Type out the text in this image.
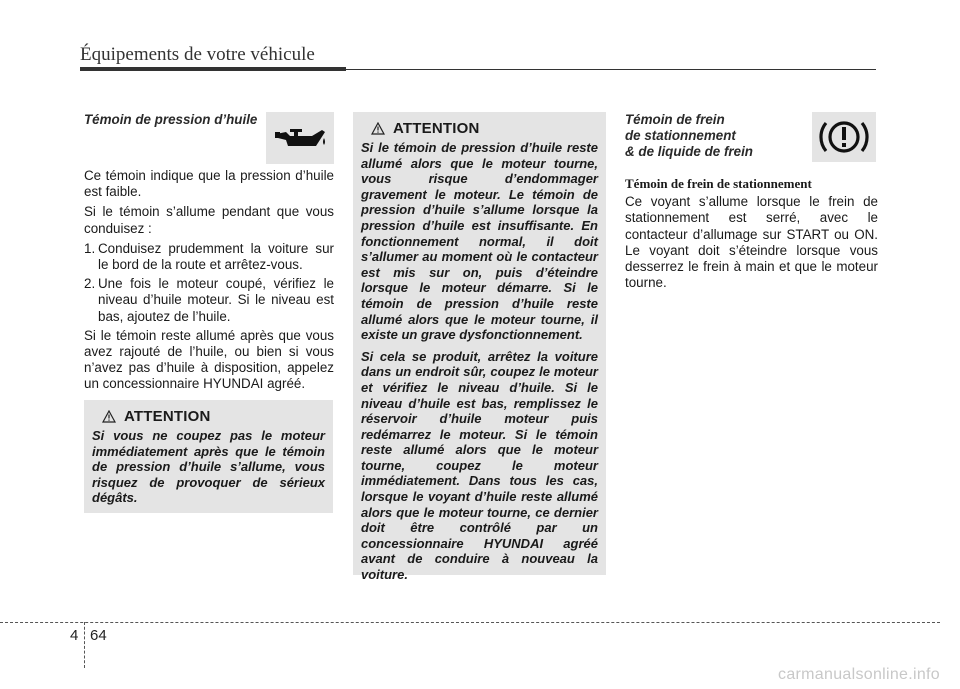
Équipements de votre véhicule
Témoin de pression d’huile

Ce témoin indique que la pression d’huile est faible.

Si le témoin s’allume pendant que vous conduisez :

1. Conduisez prudemment la voiture sur le bord de la route et arrêtez-vous.
2. Une fois le moteur coupé, vérifiez le niveau d’huile moteur. Si le niveau est bas, ajoutez de l’huile.

Si le témoin reste allumé après que vous avez rajouté de l’huile, ou bien si vous n’avez pas d’huile à disposition, appelez un concessionnaire HYUNDAI agréé.

ATTENTION

Si vous ne coupez pas le moteur immédiatement après que le témoin de pression d’huile s’allume, vous risquez de provoquer de sérieux dégâts.

ATTENTION

Si le témoin de pression d’huile reste allumé alors que le moteur tourne, vous risque d’endommager gravement le moteur. Le témoin de pression d’huile s’allume lorsque la pression d’huile est insuffisante. En fonctionnement normal, il doit s’allumer au moment où le contacteur est mis sur on, puis d’éteindre lorsque le moteur démarre. Si le témoin de pression d’huile reste allumé alors que le moteur tourne, il existe un grave dysfonctionnement.

Si cela se produit, arrêtez la voiture dans un endroit sûr, coupez le moteur et vérifiez le niveau d’huile. Si le niveau d’huile est bas, remplissez le réservoir d’huile moteur puis redémarrez le moteur. Si le témoin reste allumé alors que le moteur tourne, coupez le moteur immédiatement. Dans tous les cas, lorsque le voyant d’huile reste allumé alors que le moteur tourne, ce dernier doit être contrôlé par un concessionnaire HYUNDAI agréé avant de conduire à nouveau la voiture.

Témoin de frein
de stationnement
& de liquide de frein
Témoin de frein de stationnement

Ce voyant s’allume lorsque le frein de stationnement est serré, avec le contacteur d’allumage sur START ou ON. Le voyant doit s’éteindre lorsque vous desserrez le frein à main et que le moteur tourne.

4 64
carmanualsonline.info
